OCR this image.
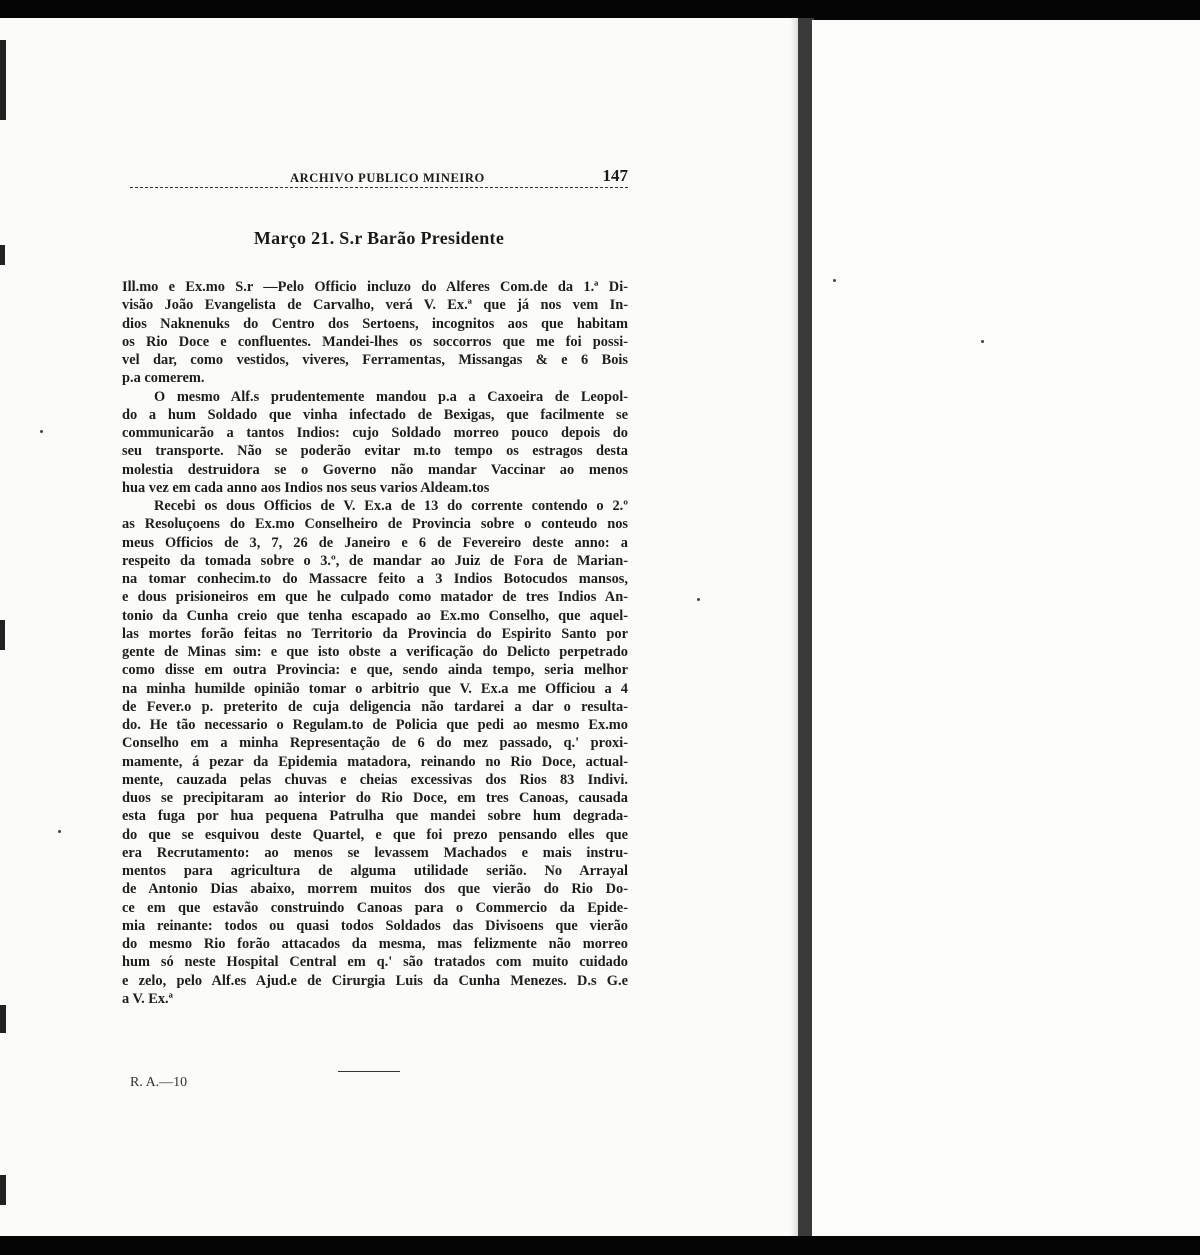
ARCHIVO PUBLICO MINEIRO	147
Março 21. S.r Barão Presidente
Ill.mo e Ex.mo S.r —Pelo Officio incluzo do Alferes Com.de da 1.ª Di-
visão João Evangelista de Carvalho, verá V. Ex.ª que já nos vem In-
dios Naknenuks do Centro dos Sertoens, incognitos aos que habitam
os Rio Doce e confluentes. Mandei-lhes os soccorros que me foi possi-
vel dar, como vestidos, viveres, Ferramentas, Missangas & e 6 Bois
p.a comerem.
O mesmo Alf.s prudentemente mandou p.a a Caxoeira de Leopol-
do a hum Soldado que vinha infectado de Bexigas, que facilmente se
communicarão a tantos Indios: cujo Soldado morreo pouco depois do
seu transporte. Não se poderão evitar m.to tempo os estragos desta
molestia destruidora se o Governo não mandar Vaccinar ao menos
hua vez em cada anno aos Indios nos seus varios Aldeam.tos
Recebi os dous Officios de V. Ex.a de 13 do corrente contendo o 2.º
as Resoluçoens do Ex.mo Conselheiro de Provincia sobre o conteudo nos
meus Officios de 3, 7, 26 de Janeiro e 6 de Fevereiro deste anno: a
respeito da tomada sobre o 3.º, de mandar ao Juiz de Fora de Marian-
na tomar conhecim.to do Massacre feito a 3 Indios Botocudos mansos,
e dous prisioneiros em que he culpado como matador de tres Indios An-
tonio da Cunha creio que tenha escapado ao Ex.mo Conselho, que aquel-
las mortes forão feitas no Territorio da Provincia do Espirito Santo por
gente de Minas sim: e que isto obste a verificação do Delicto perpetrado
como disse em outra Provincia: e que, sendo ainda tempo, seria melhor
na minha humilde opinião tomar o arbitrio que V. Ex.a me Officiou a 4
de Fever.o p. preterito de cuja deligencia não tardarei a dar o resulta-
do. He tão necessario o Regulam.to de Policia que pedi ao mesmo Ex.mo
Conselho em a minha Representação de 6 do mez passado, q.' proxi-
mamente, á pezar da Epidemia matadora, reinando no Rio Doce, actual-
mente, cauzada pelas chuvas e cheias excessivas dos Rios 83 Indivi.
duos se precipitaram ao interior do Rio Doce, em tres Canoas, causada
esta fuga por hua pequena Patrulha que mandei sobre hum degrada-
do que se esquivou deste Quartel, e que foi prezo pensando elles que
era Recrutamento: ao menos se levassem Machados e mais instru-
mentos para agricultura de alguma utilidade serião. No Arrayal
de Antonio Dias abaixo, morrem muitos dos que vierão do Rio Do-
ce em que estavão construindo Canoas para o Commercio da Epide-
mia reinante: todos ou quasi todos Soldados das Divisoens que vierão
do mesmo Rio forão attacados da mesma, mas felizmente não morreo
hum só neste Hospital Central em q.' são tratados com muito cuidado
e zelo, pelo Alf.es Ajud.e de Cirurgia Luis da Cunha Menezes. D.s G.e
a V. Ex.ª
R. A.—10
